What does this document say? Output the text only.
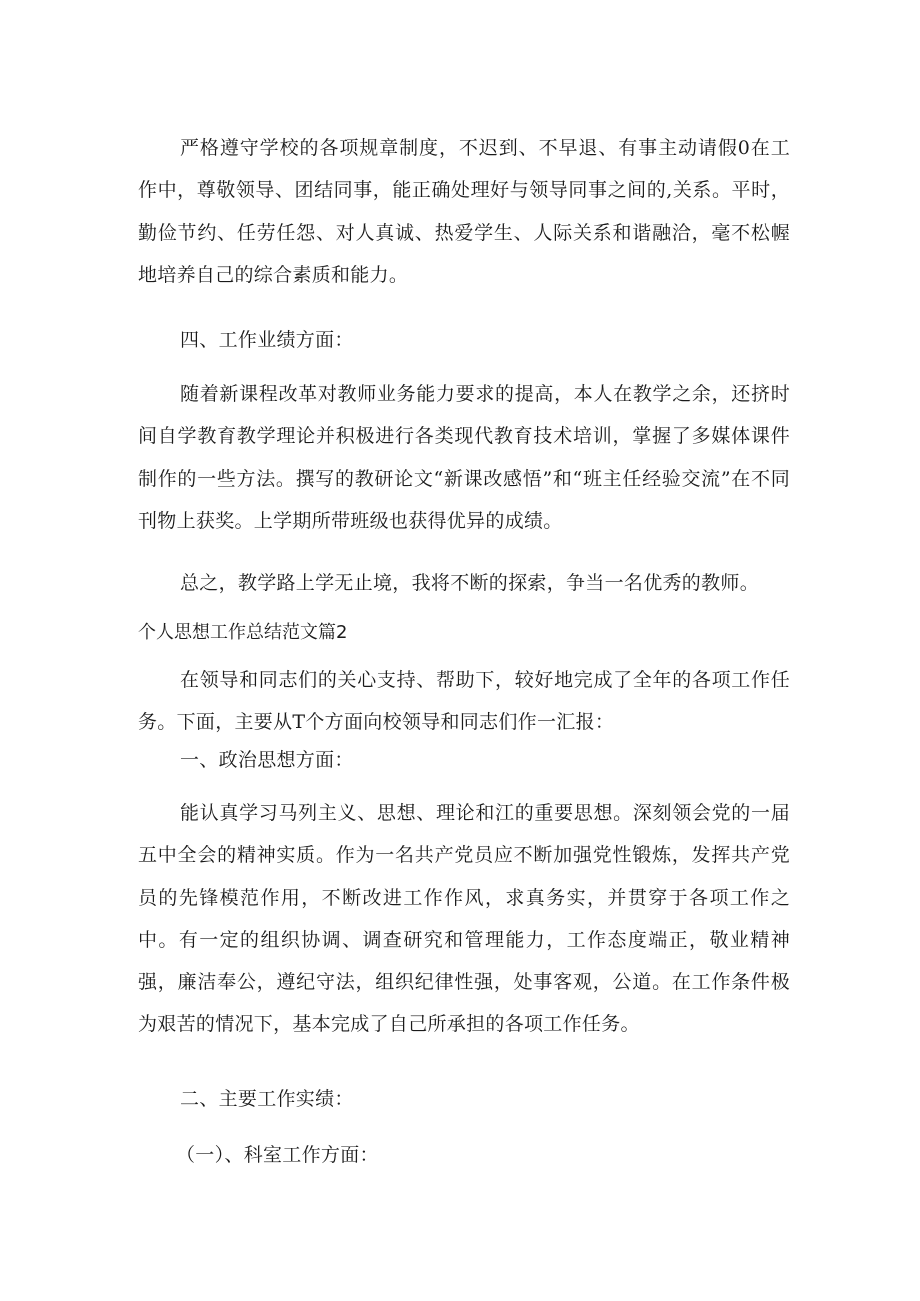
严格遵守学校的各项规章制度，不迟到、不早退、有事主动请假0在工作中，尊敬领导、团结同事，能正确处理好与领导同事之间的,关系。平时，勤俭节约、任劳任怨、对人真诚、热爱学生、人际关系和谐融洽，毫不松幄地培养自己的综合素质和能力。

四、工作业绩方面：

随着新课程改革对教师业务能力要求的提高，本人在教学之余，还挤时间自学教育教学理论并积极进行各类现代教育技术培训，掌握了多媒体课件制作的一些方法。撰写的教研论文“新课改感悟”和“班主任经验交流”在不同刊物上获奖。上学期所带班级也获得优异的成绩。

总之，教学路上学无止境，我将不断的探索，争当一名优秀的教师。

个人思想工作总结范文篇2

在领导和同志们的关心支持、帮助下，较好地完成了全年的各项工作任务。下面，主要从T个方面向校领导和同志们作一汇报：

一、政治思想方面：

能认真学习马列主义、思想、理论和江的重要思想。深刻领会党的一届五中全会的精神实质。作为一名共产党员应不断加强党性锻炼，发挥共产党员的先锋模范作用，不断改进工作作风，求真务实，并贯穿于各项工作之中。有一定的组织协调、调查研究和管理能力，工作态度端正，敬业精神强，廉洁奉公，遵纪守法，组织纪律性强，处事客观，公道。在工作条件极为艰苦的情况下，基本完成了自己所承担的各项工作任务。

二、主要工作实绩：

（一）、科室工作方面：
